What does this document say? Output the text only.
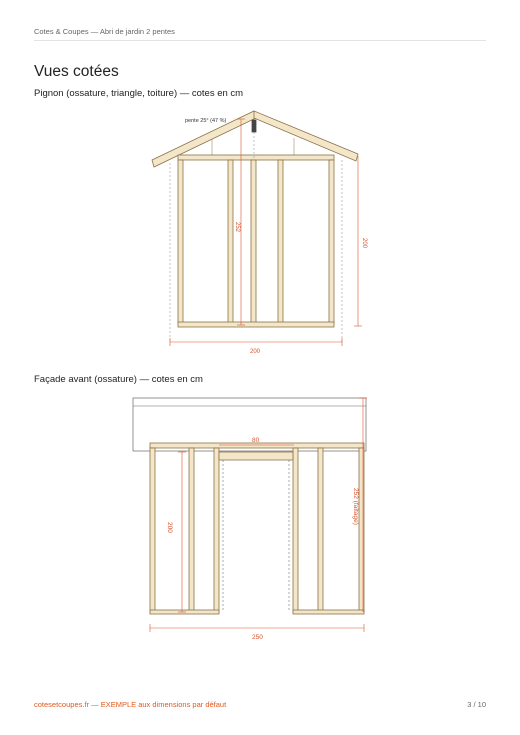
Cotes & Coupes — Abri de jardin 2 pentes
Vues cotées
Pignon (ossature, triangle, toiture) — cotes en cm
pente 25° (47 %)
252
200
200
Façade avant (ossature) — cotes en cm
80
200
252 (faîtage)
250
cotesetcoupes.fr — EXEMPLE aux dimensions par défaut	3 / 10
